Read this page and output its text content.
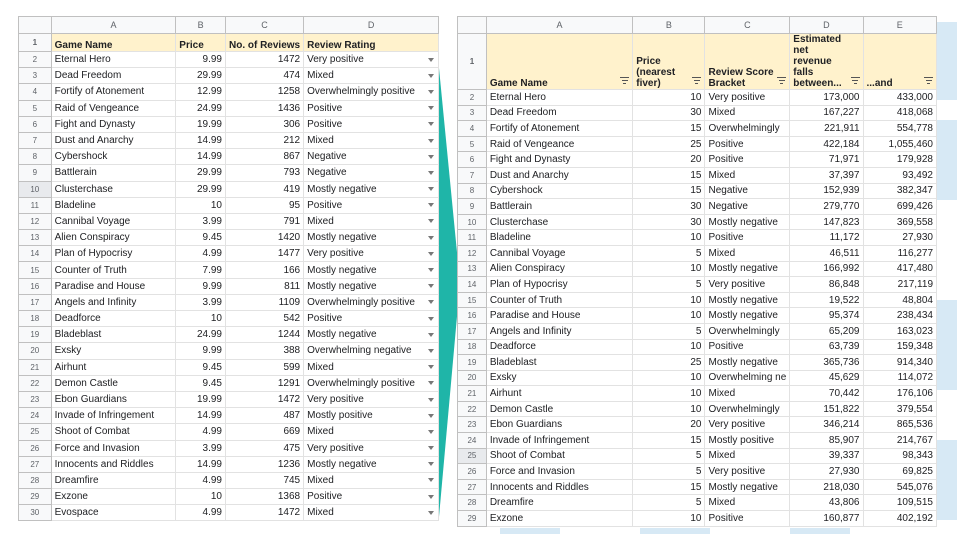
	A	B	C	D
1	Game Name	Price	No. of Reviews	Review Rating
2	Eternal Hero	9.99	1472	Very positive

3	Dead Freedom	29.99	474	Mixed

4	Fortify of Atonement	12.99	1258	Overwhelmingly positive

5	Raid of Vengeance	24.99	1436	Positive

6	Fight and Dynasty	19.99	306	Positive

7	Dust and Anarchy	14.99	212	Mixed

8	Cybershock	14.99	867	Negative

9	Battlerain	29.99	793	Negative

10	Clusterchase	29.99	419	Mostly negative

11	Bladeline	10	95	Positive

12	Cannibal Voyage	3.99	791	Mixed

13	Alien Conspiracy	9.45	1420	Mostly negative

14	Plan of Hypocrisy	4.99	1477	Very positive

15	Counter of Truth	7.99	166	Mostly negative

16	Paradise and House	9.99	811	Mostly negative

17	Angels and Infinity	3.99	1109	Overwhelmingly positive

18	Deadforce	10	542	Positive

19	Bladeblast	24.99	1244	Mostly negative

20	Exsky	9.99	388	Overwhelming negative

21	Airhunt	9.45	599	Mixed

22	Demon Castle	9.45	1291	Overwhelmingly positive

23	Ebon Guardians	19.99	1472	Very positive

24	Invade of Infringement	14.99	487	Mostly positive

25	Shoot of Combat	4.99	669	Mixed

26	Force and Invasion	3.99	475	Very positive

27	Innocents and Riddles	14.99	1236	Mostly negative

28	Dreamfire	4.99	745	Mixed

29	Exzone	10	1368	Positive

30	Evospace	4.99	1472	Mixed
	A	B	C	D	E
1	Game Name	Price (nearest fiver)	Review Score Bracket	Estimated net revenue falls between...	...and

2	Eternal Hero	10	Very positive	173,000	433,000
3	Dead Freedom	30	Mixed	167,227	418,068
4	Fortify of Atonement	15	Overwhelmingly	221,911	554,778
5	Raid of Vengeance	25	Positive	422,184	1,055,460
6	Fight and Dynasty	20	Positive	71,971	179,928
7	Dust and Anarchy	15	Mixed	37,397	93,492
8	Cybershock	15	Negative	152,939	382,347
9	Battlerain	30	Negative	279,770	699,426
10	Clusterchase	30	Mostly negative	147,823	369,558
11	Bladeline	10	Positive	11,172	27,930
12	Cannibal Voyage	5	Mixed	46,511	116,277
13	Alien Conspiracy	10	Mostly negative	166,992	417,480
14	Plan of Hypocrisy	5	Very positive	86,848	217,119
15	Counter of Truth	10	Mostly negative	19,522	48,804
16	Paradise and House	10	Mostly negative	95,374	238,434
17	Angels and Infinity	5	Overwhelmingly	65,209	163,023
18	Deadforce	10	Positive	63,739	159,348
19	Bladeblast	25	Mostly negative	365,736	914,340
20	Exsky	10	Overwhelming ne	45,629	114,072
21	Airhunt	10	Mixed	70,442	176,106
22	Demon Castle	10	Overwhelmingly	151,822	379,554
23	Ebon Guardians	20	Very positive	346,214	865,536
24	Invade of Infringement	15	Mostly positive	85,907	214,767
25	Shoot of Combat	5	Mixed	39,337	98,343
26	Force and Invasion	5	Very positive	27,930	69,825
27	Innocents and Riddles	15	Mostly negative	218,030	545,076
28	Dreamfire	5	Mixed	43,806	109,515
29	Exzone	10	Positive	160,877	402,192
